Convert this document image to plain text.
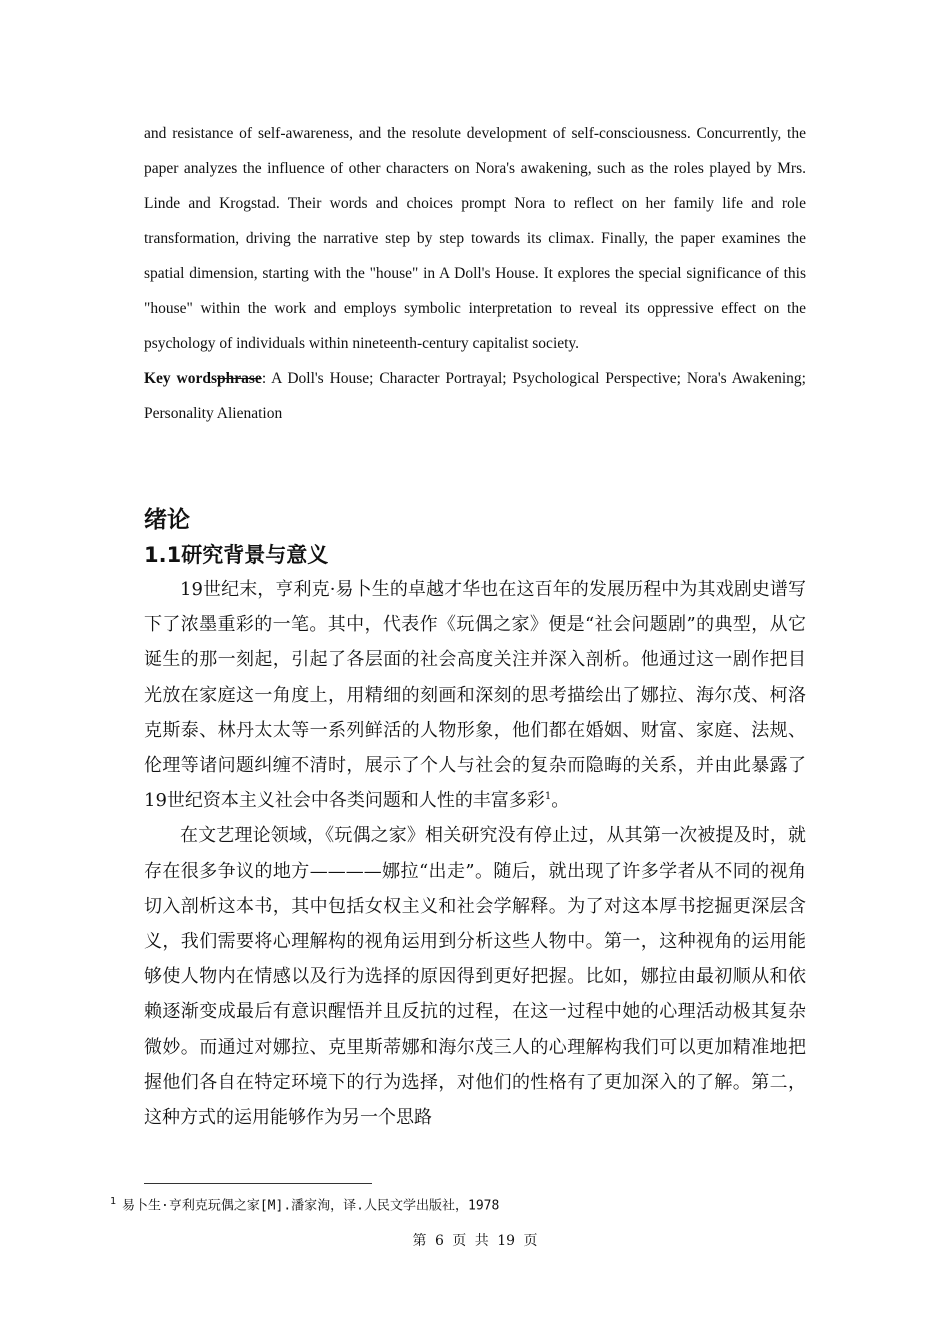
and resistance of self-awareness, and the resolute development of self-consciousness. Concurrently, the paper analyzes the influence of other characters on Nora's awakening, such as the roles played by Mrs. Linde and Krogstad. Their words and choices prompt Nora to reflect on her family life and role transformation, driving the narrative step by step towards its climax. Finally, the paper examines the spatial dimension, starting with the "house" in A Doll's House. It explores the special significance of this "house" within the work and employs symbolic interpretation to reveal its oppressive effect on the psychology of individuals within nineteenth-century capitalist society.

Key wordsphrase: A Doll's House; Character Portrayal; Psychological Perspective; Nora's Awakening; Personality Alienation

绪论
1.1研究背景与意义

19世纪末，亨利克·易卜生的卓越才华也在这百年的发展历程中为其戏剧史谱写下了浓墨重彩的一笔。其中，代表作《玩偶之家》便是“社会问题剧”的典型，从它诞生的那一刻起，引起了各层面的社会高度关注并深入剖析。他通过这一剧作把目光放在家庭这一角度上，用精细的刻画和深刻的思考描绘出了娜拉、海尔茂、柯洛克斯泰、林丹太太等一系列鲜活的人物形象，他们都在婚姻、财富、家庭、法规、伦理等诸问题纠缠不清时，展示了个人与社会的复杂而隐晦的关系，并由此暴露了19世纪资本主义社会中各类问题和人性的丰富多彩$^1$。

在文艺理论领域，《玩偶之家》相关研究没有停止过，从其第一次被提及时，就存在很多争议的地方————娜拉“出走”。随后，就出现了许多学者从不同的视角切入剖析这本书，其中包括女权主义和社会学解释。为了对这本厚书挖掘更深层含义，我们需要将心理解构的视角运用到分析这些人物中。第一，这种视角的运用能够使人物内在情感以及行为选择的原因得到更好把握。比如，娜拉由最初顺从和依赖逐渐变成最后有意识醒悟并且反抗的过程，在这一过程中她的心理活动极其复杂微妙。而通过对娜拉、克里斯蒂娜和海尔茂三人的心理解构我们可以更加精准地把握他们各自在特定环境下的行为选择，对他们的性格有了更加深入的了解。第二，这种方式的运用能够作为另一个思路

$^1$ 易卜生·亨利克玩偶之家[M].潘家洵，译.人民文学出版社，1978

第 6 页 共 19 页
